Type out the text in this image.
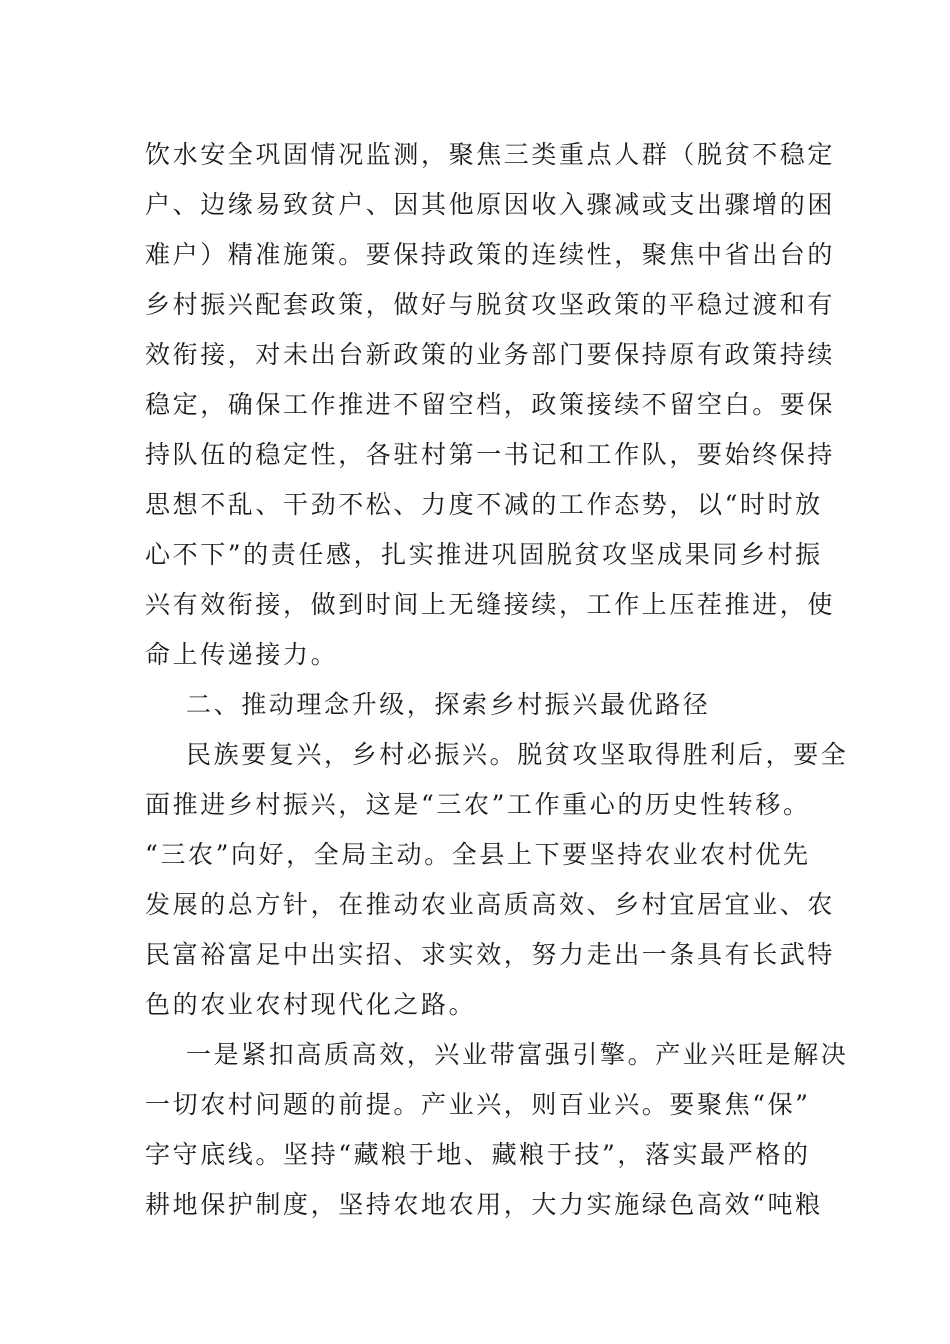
饮水安全巩固情况监测，聚焦三类重点人群（脱贫不稳定
户、边缘易致贫户、因其他原因收入骤减或支出骤增的困
难户）精准施策。要保持政策的连续性，聚焦中省出台的
乡村振兴配套政策，做好与脱贫攻坚政策的平稳过渡和有
效衔接，对未出台新政策的业务部门要保持原有政策持续
稳定，确保工作推进不留空档，政策接续不留空白。要保
持队伍的稳定性，各驻村第一书记和工作队，要始终保持
思想不乱、干劲不松、力度不减的工作态势，以“时时放
心不下”的责任感，扎实推进巩固脱贫攻坚成果同乡村振
兴有效衔接，做到时间上无缝接续，工作上压茬推进，使
命上传递接力。
二、推动理念升级，探索乡村振兴最优路径
民族要复兴，乡村必振兴。脱贫攻坚取得胜利后，要全
面推进乡村振兴，这是“三农”工作重心的历史性转移。
“三农”向好，全局主动。全县上下要坚持农业农村优先
发展的总方针，在推动农业高质高效、乡村宜居宜业、农
民富裕富足中出实招、求实效，努力走出一条具有长武特
色的农业农村现代化之路。
一是紧扣高质高效，兴业带富强引擎。产业兴旺是解决
一切农村问题的前提。产业兴，则百业兴。要聚焦“保”
字守底线。坚持“藏粮于地、藏粮于技”，落实最严格的
耕地保护制度，坚持农地农用，大力实施绿色高效“吨粮
